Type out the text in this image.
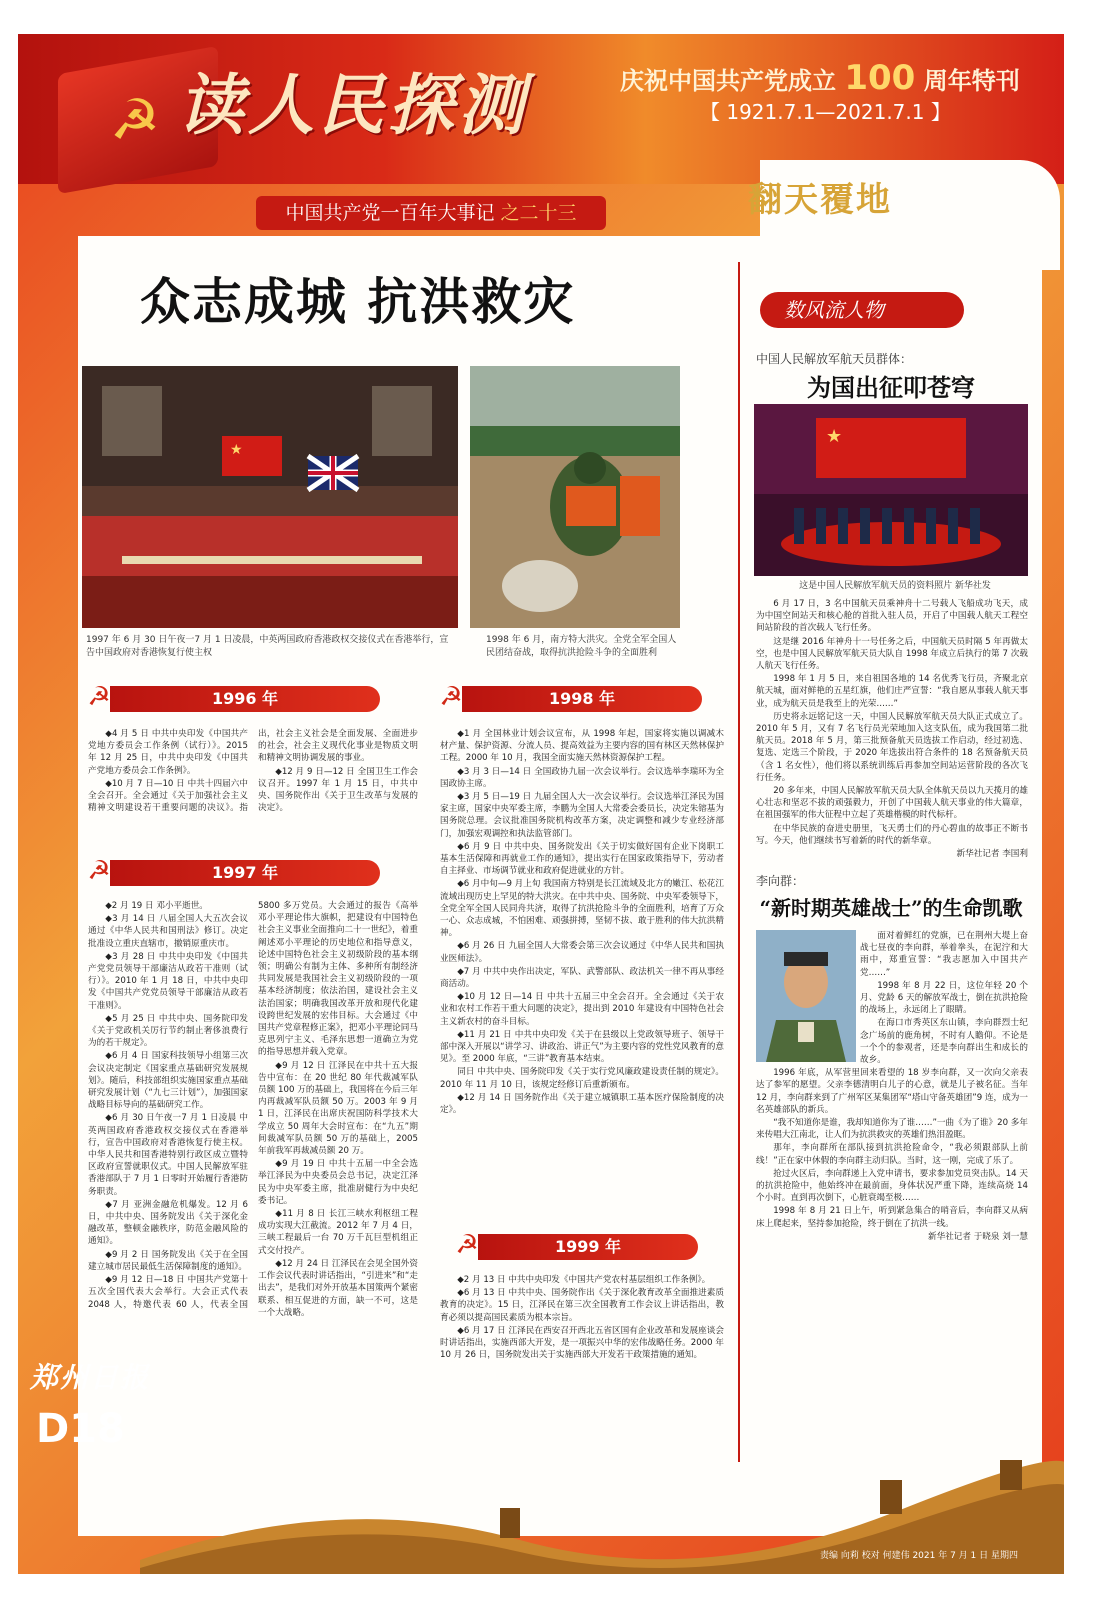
☭ 读人民探测	庆祝中国共产党成立 100 周年特刊
【 1921.7.1—2021.7.1 】
翻天覆地
中国共产党一百年大事记 之二十三
众志成城 抗洪救灾
★
1997 年 6 月 30 日午夜一7 月 1 日凌晨，中英两国政府香港政权交接仪式在香港举行，宣告中国政府对香港恢复行使主权
1998 年 6 月，南方特大洪灾。全党全军全国人民团结奋战，取得抗洪抢险斗争的全面胜利
☭	1996 年

◆4 月 5 日 中共中央印发《中国共产党地方委员会工作条例（试行）》。2015 年 12 月 25 日，中共中央印发《中国共产党地方委员会工作条例》。

◆10 月 7 日—10 日 中共十四届六中全会召开。全会通过《关于加强社会主义精神文明建设若干重要问题的决议》。指出，社会主义社会是全面发展、全面进步的社会，社会主义现代化事业是物质文明和精神文明协调发展的事业。

◆12 月 9 日—12 日 全国卫生工作会议召开。1997 年 1 月 15 日，中共中央、国务院作出《关于卫生改革与发展的决定》。

☭	1997 年

◆2 月 19 日 邓小平逝世。

◆3 月 14 日 八届全国人大五次会议通过《中华人民共和国刑法》修订。决定批准设立重庆直辖市，撤销原重庆市。

◆3 月 28 日 中共中央印发《中国共产党党员领导干部廉洁从政若干准则（试行）》。2010 年 1 月 18 日，中共中央印发《中国共产党党员领导干部廉洁从政若干准则》。

◆5 月 25 日 中共中央、国务院印发《关于党政机关厉行节约制止奢侈浪费行为的若干规定》。

◆6 月 4 日 国家科技领导小组第三次会议决定制定《国家重点基础研究发展规划》。随后，科技部组织实施国家重点基础研究发展计划（“九七三计划”），加强国家战略目标导向的基础研究工作。

◆6 月 30 日午夜一7 月 1 日凌晨 中英两国政府香港政权交接仪式在香港举行，宣告中国政府对香港恢复行使主权。中华人民共和国香港特别行政区成立暨特区政府宣誓就职仪式。中国人民解放军驻香港部队于 7 月 1 日零时开始履行香港防务职责。

◆7 月 亚洲金融危机爆发。12 月 6 日，中共中央、国务院发出《关于深化金融改革，整顿金融秩序，防范金融风险的通知》。

◆9 月 2 日 国务院发出《关于在全国建立城市居民最低生活保障制度的通知》。

◆9 月 12 日—18 日 中国共产党第十五次全国代表大会举行。大会正式代表 2048 人，特邀代表 60 人，代表全国 5800 多万党员。大会通过的报告《高举邓小平理论伟大旗帜，把建设有中国特色社会主义事业全面推向二十一世纪》，着重阐述邓小平理论的历史地位和指导意义，论述中国特色社会主义初级阶段的基本纲领；明确公有制为主体、多种所有制经济共同发展是我国社会主义初级阶段的一项基本经济制度；依法治国，建设社会主义法治国家；明确我国改革开放和现代化建设跨世纪发展的宏伟目标。大会通过《中国共产党章程修正案》，把邓小平理论同马克思列宁主义、毛泽东思想一道确立为党的指导思想并载入党章。

◆9 月 12 日 江泽民在中共十五大报告中宣布：在 20 世纪 80 年代裁减军队员额 100 万的基础上，我国将在今后三年内再裁减军队员额 50 万。2003 年 9 月 1 日，江泽民在出席庆祝国防科学技术大学成立 50 周年大会时宣布：在“九五”期间裁减军队员额 50 万的基础上，2005 年前我军再裁减员额 20 万。

◆9 月 19 日 中共十五届一中全会选举江泽民为中央委员会总书记，决定江泽民为中央军委主席，批准尉健行为中央纪委书记。

◆11 月 8 日 长江三峡水利枢纽工程成功实现大江截流。2012 年 7 月 4 日，三峡工程最后一台 70 万千瓦巨型机组正式交付投产。

◆12 月 24 日 江泽民在会见全国外资工作会议代表时讲话指出，“引进来”和“走出去”，是我们对外开放基本国策两个紧密联系、相互促进的方面，缺一不可，这是一个大战略。

☭	1998 年

◆1 月 全国林业计划会议宣布，从 1998 年起，国家将实施以调减木材产量、保护资源、分流人员、提高效益为主要内容的国有林区天然林保护工程。2000 年 10 月，我国全面实施天然林资源保护工程。

◆3 月 3 日—14 日 全国政协九届一次会议举行。会议选举李瑞环为全国政协主席。

◆3 月 5 日—19 日 九届全国人大一次会议举行。会议选举江泽民为国家主席，国家中央军委主席，李鹏为全国人大常委会委员长，决定朱镕基为国务院总理。会议批准国务院机构改革方案，决定调整和减少专业经济部门，加强宏观调控和执法监管部门。

◆6 月 9 日 中共中央、国务院发出《关于切实做好国有企业下岗职工基本生活保障和再就业工作的通知》，提出实行在国家政策指导下，劳动者自主择业、市场调节就业和政府促进就业的方针。

◆6 月中旬—9 月上旬 我国南方特别是长江流域及北方的嫩江、松花江流域出现历史上罕见的特大洪灾。在中共中央、国务院、中央军委领导下，全党全军全国人民同舟共济，取得了抗洪抢险斗争的全面胜利，培育了万众一心、众志成城，不怕困难、顽强拼搏，坚韧不拔、敢于胜利的伟大抗洪精神。

◆6 月 26 日 九届全国人大常委会第三次会议通过《中华人民共和国执业医师法》。

◆7 月 中共中央作出决定，军队、武警部队、政法机关一律不再从事经商活动。

◆10 月 12 日—14 日 中共十五届三中全会召开。全会通过《关于农业和农村工作若干重大问题的决定》，提出到 2010 年建设有中国特色社会主义新农村的奋斗目标。

◆11 月 21 日 中共中央印发《关于在县级以上党政领导班子、领导干部中深入开展以“讲学习、讲政治、讲正气”为主要内容的党性党风教育的意见》。至 2000 年底，“三讲”教育基本结束。

同日 中共中央、国务院印发《关于实行党风廉政建设责任制的规定》。2010 年 11 月 10 日，该规定经修订后重新颁布。

◆12 月 14 日 国务院作出《关于建立城镇职工基本医疗保险制度的决定》。

☭	1999 年

◆2 月 13 日 中共中央印发《中国共产党农村基层组织工作条例》。

◆6 月 13 日 中共中央、国务院作出《关于深化教育改革全面推进素质教育的决定》。15 日，江泽民在第三次全国教育工作会议上讲话指出，教育必须以提高国民素质为根本宗旨。

◆6 月 17 日 江泽民在西安召开西北五省区国有企业改革和发展座谈会时讲话指出，实施西部大开发，是一项振兴中华的宏伟战略任务。2000 年 10 月 26 日，国务院发出关于实施西部大开发若干政策措施的通知。

数风流人物
中国人民解放军航天员群体：
为国出征叩苍穹
★
这是中国人民解放军航天员的资料照片 新华社发

6 月 17 日，3 名中国航天员乘神舟十二号载人飞船成功飞天，成为中国空间站天和核心舱的首批入驻人员，开启了中国载人航天工程空间站阶段的首次载人飞行任务。

这是继 2016 年神舟十一号任务之后，中国航天员时隔 5 年再做太空，也是中国人民解放军航天员大队自 1998 年成立后执行的第 7 次载人航天飞行任务。

1998 年 1 月 5 日，来自祖国各地的 14 名优秀飞行员，齐聚北京航天城，面对鲜艳的五星红旗，他们庄严宣誓：“我自愿从事载人航天事业，成为航天员是我至上的光荣……”

历史将永远铭记这一天，中国人民解放军航天员大队正式成立了。2010 年 5 月，又有 7 名飞行员光荣地加入这支队伍，成为我国第二批航天员。2018 年 5 月，第三批预备航天员选拔工作启动，经过初选、复选、定选三个阶段，于 2020 年选拔出符合条件的 18 名预备航天员（含 1 名女性），他们将以系统训练后再参加空间站运营阶段的各次飞行任务。

20 多年来，中国人民解放军航天员大队全体航天员以九天揽月的雄心壮志和坚忍不拔的顽强毅力，开创了中国载人航天事业的伟大篇章，在祖国强军的伟大征程中立起了英雄楷模的时代标杆。

在中华民族的奋进史册里，飞天勇士们的丹心碧血的故事正不断书写。今天，他们继续书写着新的时代的新华章。

新华社记者 李国利

李向群：
“新时期英雄战士”的生命凯歌

面对着鲜红的党旗，已在荆州大堤上奋战七昼夜的李向群，举着拳头，在泥泞和大雨中，郑重宣誓：“我志愿加入中国共产党……”

1998 年 8 月 22 日，这位年轻 20 个月、党龄 6 天的解放军战士，倒在抗洪抢险的战场上，永远闭上了眼睛。

在海口市秀英区东山镇，李向群烈士纪念广场前的鹿角树，不时有人瞻仰。不论是一个个的参观者，还是李向群出生和成长的故乡。

1996 年底，从军营里回来看望的 18 岁李向群，又一次向父亲表达了参军的愿望。父亲李德清明白儿子的心意，就是儿子被名征。当年 12 月，李向群来到了广州军区某集团军“塔山守备英雄团”9 连，成为一名英雄部队的新兵。

“我不知道你是谁，我却知道你为了谁……”一曲《为了谁》20 多年来传唱大江南北，让人们为抗洪救灾的英雄们热泪盈眶。

那年，李向群所在部队接到抗洪抢险命令，“我必须跟部队上前线！”正在家中休假的李向群主动归队。当时，这一刚，完成了乐了。

抢过火区后，李向群递上入党申请书，要求参加党员突击队。14 天的抗洪抢险中，他始终冲在最前面，身体状况严重下降，连续高烧 14 个小时。直到再次倒下，心脏衰竭至极……

1998 年 8 月 21 日上午，听到紧急集合的哨音后，李向群又从病床上爬起来，坚持参加抢险，终于倒在了抗洪一线。

新华社记者 于晓泉 刘一慧

郑州日报
D18
责编 向莉 校对 何建伟 2021 年 7 月 1 日 星期四
